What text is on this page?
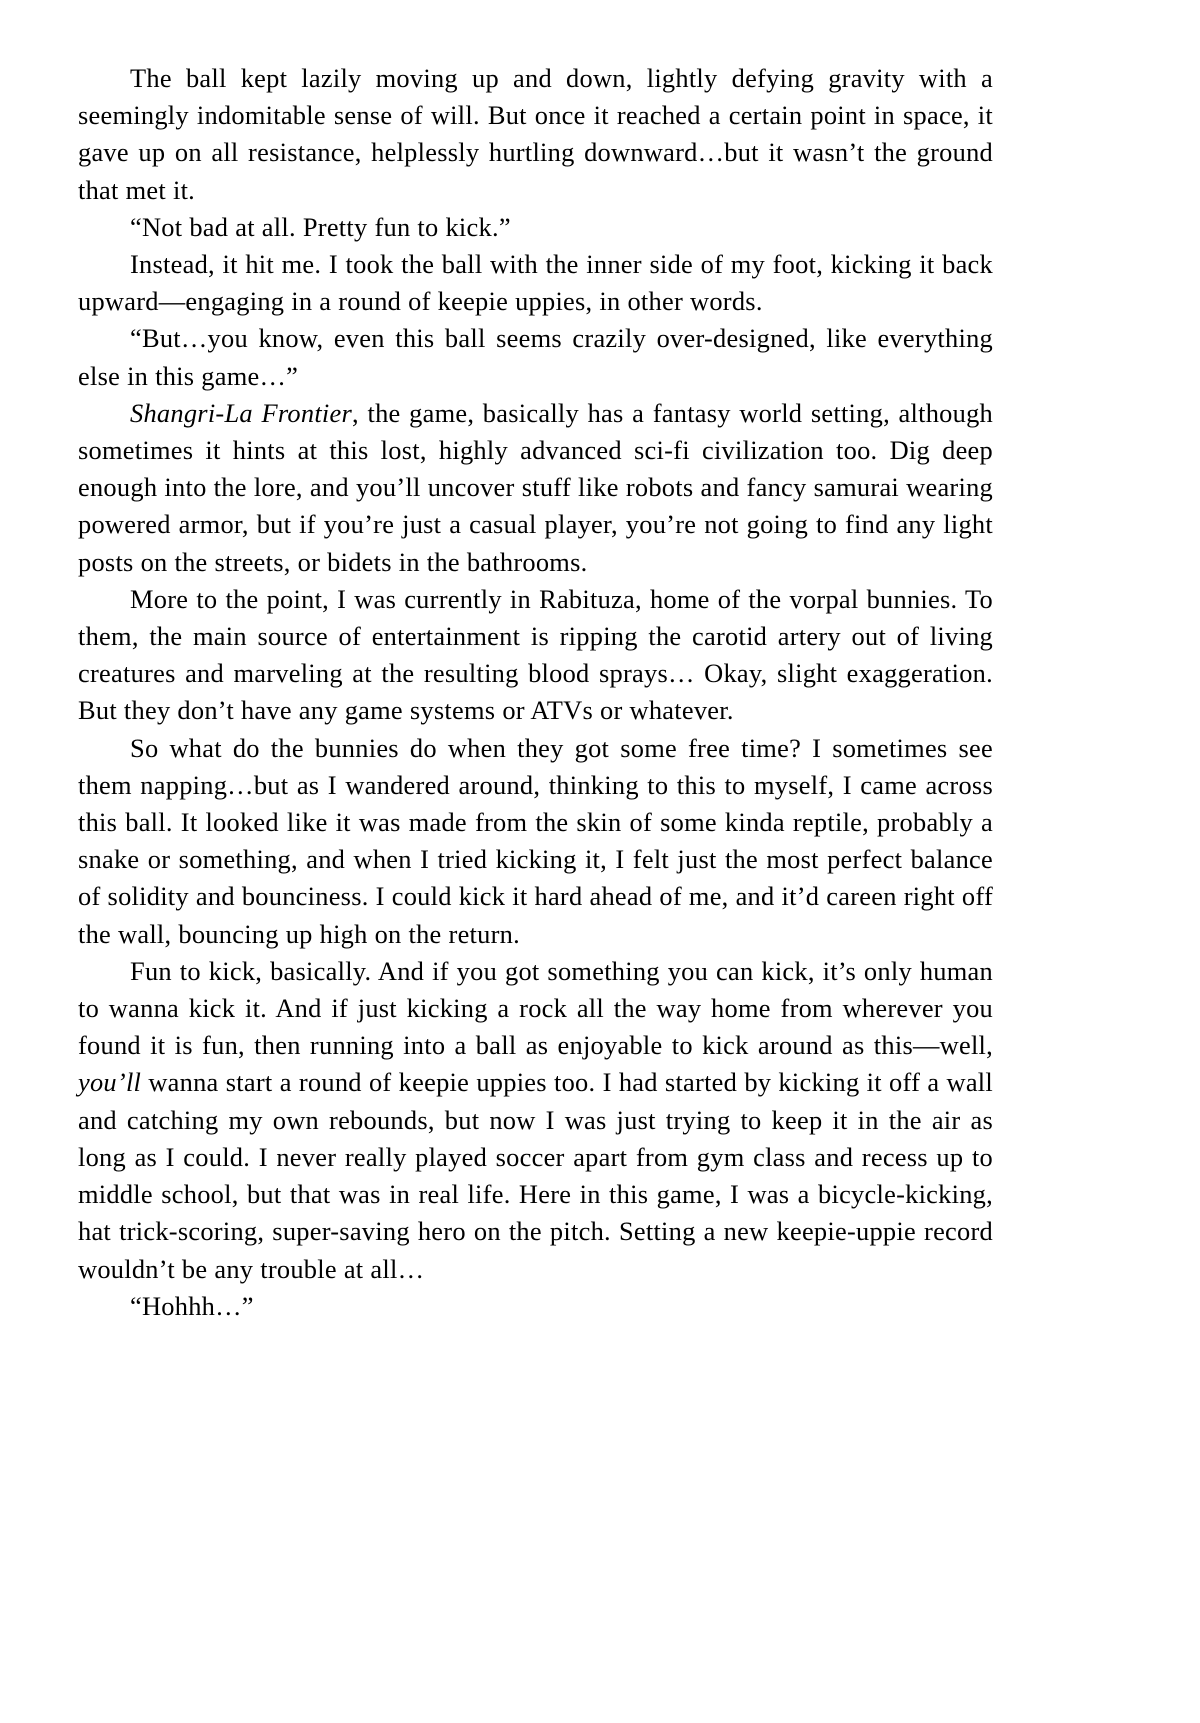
The ball kept lazily moving up and down, lightly defying gravity with a seemingly indomitable sense of will. But once it reached a certain point in space, it gave up on all resistance, helplessly hurtling downward…but it wasn’t the ground that met it.

“Not bad at all. Pretty fun to kick.”

Instead, it hit me. I took the ball with the inner side of my foot, kicking it back upward—engaging in a round of keepie uppies, in other words.

“But…you know, even this ball seems crazily over-designed, like everything else in this game…”

Shangri-La Frontier, the game, basically has a fantasy world setting, although sometimes it hints at this lost, highly advanced sci-fi civilization too. Dig deep enough into the lore, and you’ll uncover stuff like robots and fancy samurai wearing powered armor, but if you’re just a casual player, you’re not going to find any light posts on the streets, or bidets in the bathrooms.

More to the point, I was currently in Rabituza, home of the vorpal bunnies. To them, the main source of entertainment is ripping the carotid artery out of living creatures and marveling at the resulting blood sprays… Okay, slight exaggeration. But they don’t have any game systems or ATVs or whatever.

So what do the bunnies do when they got some free time? I sometimes see them napping…but as I wandered around, thinking to this to myself, I came across this ball. It looked like it was made from the skin of some kinda reptile, probably a snake or something, and when I tried kicking it, I felt just the most perfect balance of solidity and bounciness. I could kick it hard ahead of me, and it’d careen right off the wall, bouncing up high on the return.

Fun to kick, basically. And if you got something you can kick, it’s only human to wanna kick it. And if just kicking a rock all the way home from wherever you found it is fun, then running into a ball as enjoyable to kick around as this—well, you’ll wanna start a round of keepie uppies too. I had started by kicking it off a wall and catching my own rebounds, but now I was just trying to keep it in the air as long as I could. I never really played soccer apart from gym class and recess up to middle school, but that was in real life. Here in this game, I was a bicycle-kicking, hat trick-scoring, super-saving hero on the pitch. Setting a new keepie-uppie record wouldn’t be any trouble at all…

“Hohhh…”
